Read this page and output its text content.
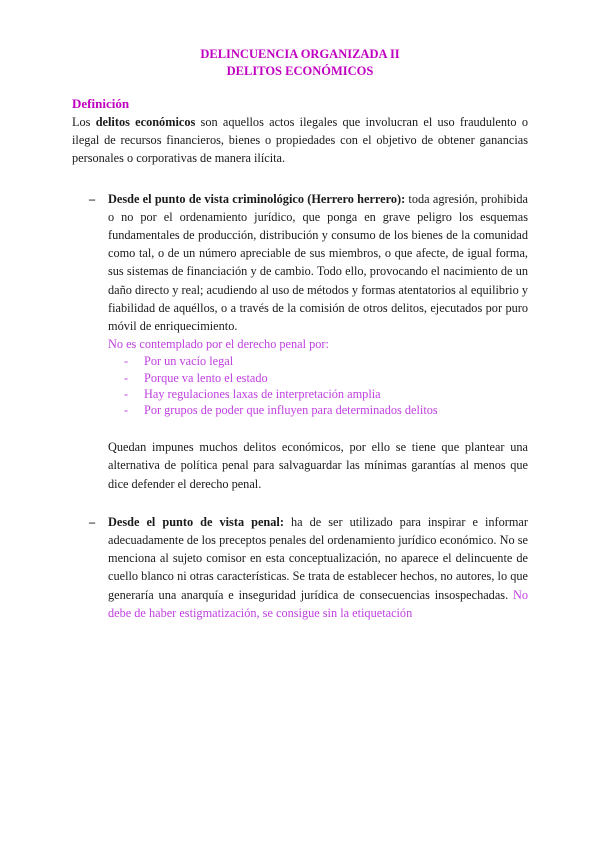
DELINCUENCIA ORGANIZADA II
DELITOS ECONÓMICOS
Definición

Los delitos económicos son aquellos actos ilegales que involucran el uso fraudulento o ilegal de recursos financieros, bienes o propiedades con el objetivo de obtener ganancias personales o corporativas de manera ilícita.

– Desde el punto de vista criminológico (Herrero herrero): toda agresión, prohibida o no por el ordenamiento jurídico, que ponga en grave peligro los esquemas fundamentales de producción, distribución y consumo de los bienes de la comunidad como tal, o de un número apreciable de sus miembros, o que afecte, de igual forma, sus sistemas de financiación y de cambio. Todo ello, provocando el nacimiento de un daño directo y real; acudiendo al uso de métodos y formas atentatorios al equilibrio y fiabilidad de aquéllos, o a través de la comisión de otros delitos, ejecutados por puro móvil de enriquecimiento.

No es contemplado por el derecho penal por:
- Por un vacío legal
- Porque va lento el estado
- Hay regulaciones laxas de interpretación amplia
- Por grupos de poder que influyen para determinados delitos

Quedan impunes muchos delitos económicos, por ello se tiene que plantear una alternativa de política penal para salvaguardar las mínimas garantías al menos que dice defender el derecho penal.

– Desde el punto de vista penal: ha de ser utilizado para inspirar e informar adecuadamente de los preceptos penales del ordenamiento jurídico económico. No se menciona al sujeto comisor en esta conceptualización, no aparece el delincuente de cuello blanco ni otras características. Se trata de establecer hechos, no autores, lo que generaría una anarquía e inseguridad jurídica de consecuencias insospechadas. No debe de haber estigmatización, se consigue sin la etiquetación
